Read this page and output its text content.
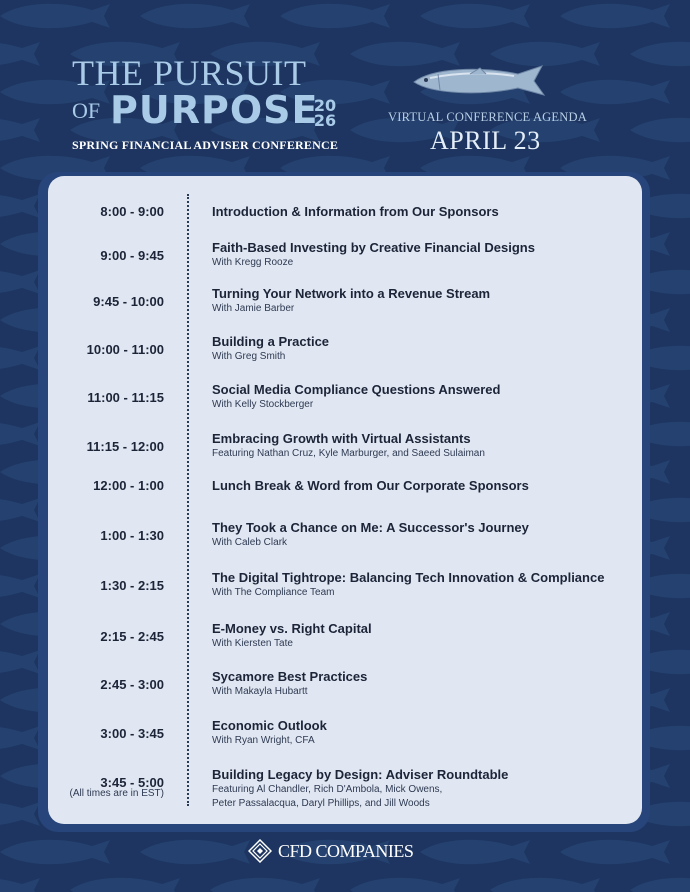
THE PURSUIT
OF PURPOSE
20
26
SPRING FINANCIAL ADVISER CONFERENCE
VIRTUAL CONFERENCE AGENDA
APRIL 23
8:00 - 9:00	Introduction & Information from Our Sponsors
9:00 - 9:45
Faith-Based Investing by Creative Financial Designs
With Kregg Rooze
9:45 - 10:00
Turning Your Network into a Revenue Stream
With Jamie Barber
10:00 - 11:00
Building a Practice
With Greg Smith
11:00 - 11:15
Social Media Compliance Questions Answered
With Kelly Stockberger
11:15 - 12:00
Embracing Growth with Virtual Assistants
Featuring Nathan Cruz, Kyle Marburger, and Saeed Sulaiman
12:00 - 1:00	Lunch Break & Word from Our Corporate Sponsors
1:00 - 1:30
They Took a Chance on Me: A Successor's Journey
With Caleb Clark
1:30 - 2:15
The Digital Tightrope: Balancing Tech Innovation & Compliance
With The Compliance Team
2:15 - 2:45
E-Money vs. Right Capital
With Kiersten Tate
2:45 - 3:00
Sycamore Best Practices
With Makayla Hubartt
3:00 - 3:45
Economic Outlook
With Ryan Wright, CFA
3:45 - 5:00
Building Legacy by Design: Adviser Roundtable
Featuring Al Chandler, Rich D'Ambola, Mick Owens,
Peter Passalacqua, Daryl Phillips, and Jill Woods
(All times are in EST)
CFD COMPANIES
